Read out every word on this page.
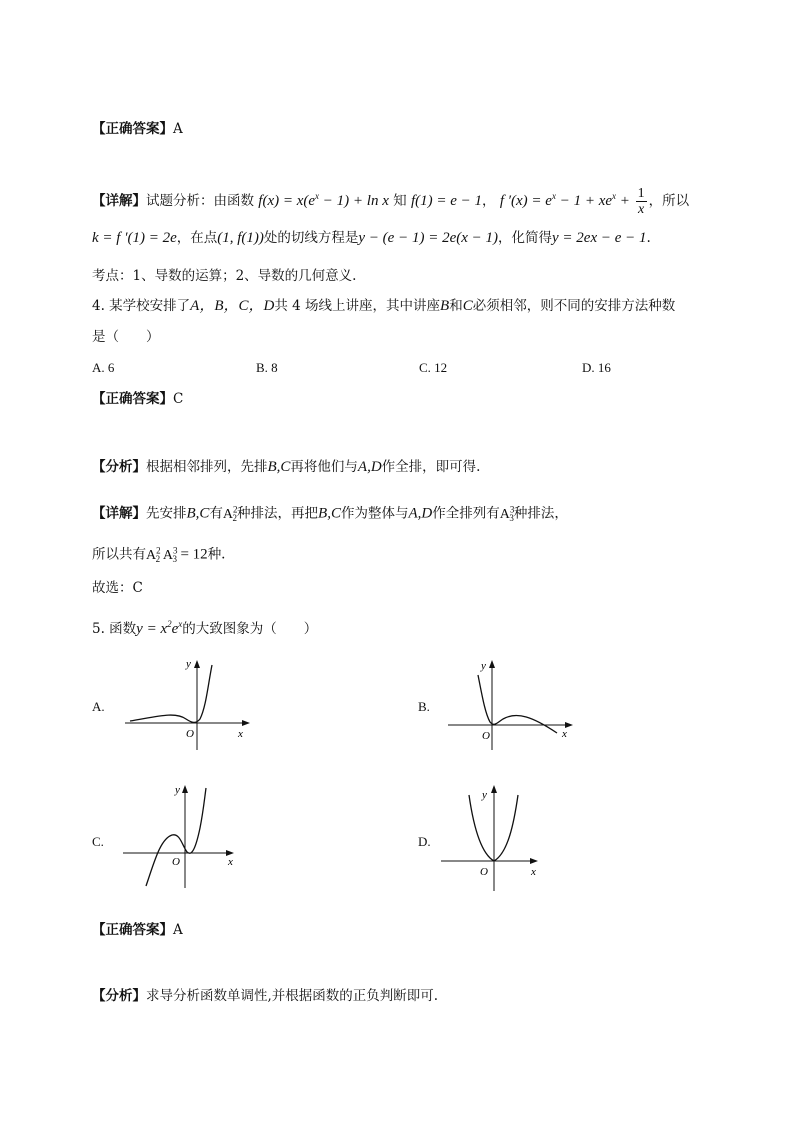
【正确答案】A
【详解】试题分析：由函数 $f(x) = x(e^x - 1) + \ln x$ 知 f(1) = e − 1， f $'(x) = e^x - 1 + xe^x + \frac{1}{x}$ ，所以
k = f ′(1) = 2e，在点(1, f(1))处的切线方程是y − (e − 1) = 2e(x − 1)，化简得y = 2ex − e − 1.
考点：1、导数的运算；2、导数的几何意义.
4. 某学校安排了A，B，C，D共 4 场线上讲座，其中讲座B和C必须相邻，则不同的安排方法种数
是（　　）
A. 6	B. 8	C. 12	D. 16
【正确答案】C
【分析】根据相邻排列，先排B,C再将他们与A,D作全排，即可得.
【详解】先安排B,C有$A^2_2$种排法，再把B,C作为整体与A,D作全排列有$A^3_3$种排法，
所以共有$A^2_2$ $A^3_3 = 12$种.
故选：C
5. 函数$y = x^2e^x$的大致图象为（　　）
A.	B.
C.	D.
y
x
O
y
x
O
y
x
O
y
x
O
【正确答案】A
【分析】求导分析函数单调性,并根据函数的正负判断即可.
